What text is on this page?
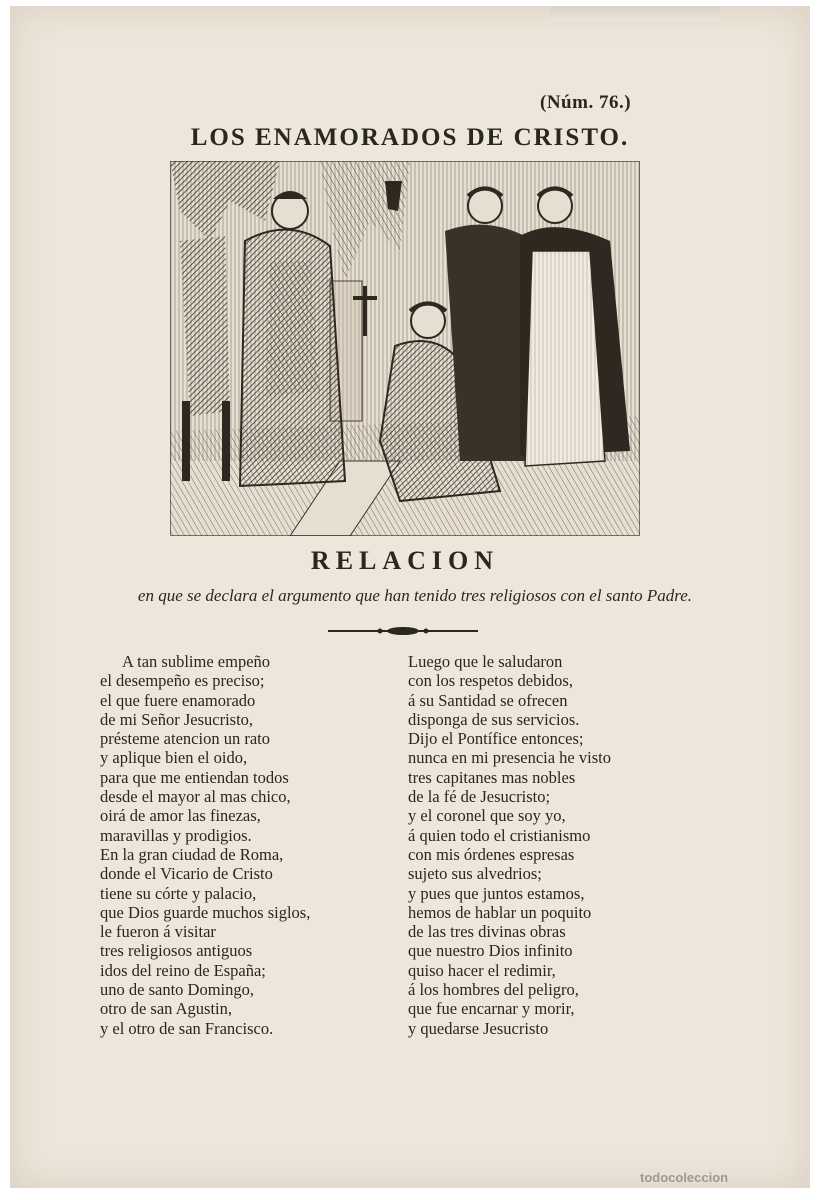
(Núm. 76.)
LOS ENAMORADOS DE CRISTO.
RELACION
en que se declara el argumento que han tenido tres religiosos con el santo Padre.
A tan sublime empeño
el desempeño es preciso;
el que fuere enamorado
de mi Señor Jesucristo,
présteme atencion un rato
y aplique bien el oido,
para que me entiendan todos
desde el mayor al mas chico,
oirá de amor las finezas,
maravillas y prodigios.
En la gran ciudad de Roma,
donde el Vicario de Cristo
tiene su córte y palacio,
que Dios guarde muchos siglos,
le fueron á visitar
tres religiosos antiguos
idos del reino de España;
uno de santo Domingo,
otro de san Agustin,
y el otro de san Francisco.
Luego que le saludaron
con los respetos debidos,
á su Santidad se ofrecen
disponga de sus servicios.
Dijo el Pontífice entonces;
nunca en mi presencia he visto
tres capitanes mas nobles
de la fé de Jesucristo;
y el coronel que soy yo,
á quien todo el cristianismo
con mis órdenes espresas
sujeto sus alvedrios;
y pues que juntos estamos,
hemos de hablar un poquito
de las tres divinas obras
que nuestro Dios infinito
quiso hacer el redimir,
á los hombres del peligro,
que fue encarnar y morir,
y quedarse Jesucristo
todocoleccion
